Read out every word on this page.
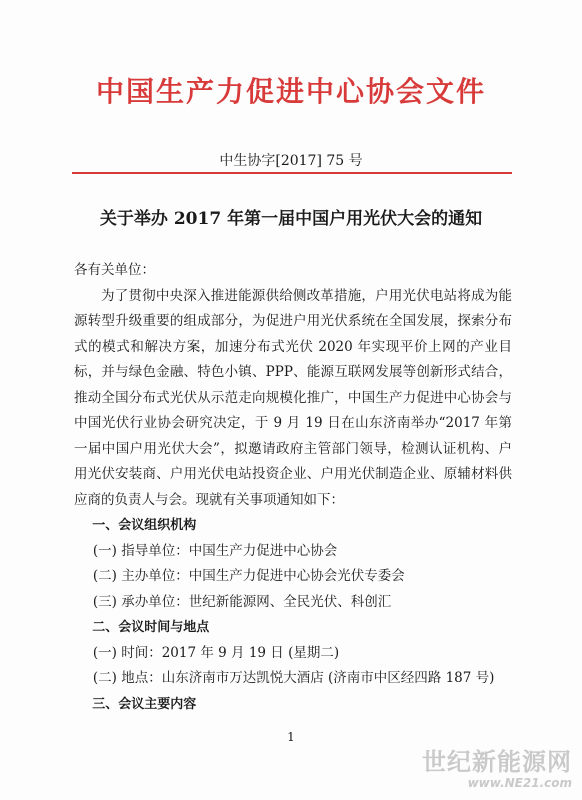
中国生产力促进中心协会文件
中生协字[2017] 75 号
关于举办 2017 年第一届中国户用光伏大会的通知

各有关单位：

为了贯彻中央深入推进能源供给侧改革措施，户用光伏电站将成为能源转型升级重要的组成部分，为促进户用光伏系统在全国发展，探索分布式的模式和解决方案，加速分布式光伏 2020 年实现平价上网的产业目标，并与绿色金融、特色小镇、PPP、能源互联网发展等创新形式结合，推动全国分布式光伏从示范走向规模化推广，中国生产力促进中心协会与中国光伏行业协会研究决定，于 9 月 19 日在山东济南举办“2017 年第一届中国户用光伏大会”，拟邀请政府主管部门领导，检测认证机构、户用光伏安装商、户用光伏电站投资企业、户用光伏制造企业、原辅材料供应商的负责人与会。现就有关事项通知如下：

一、会议组织机构

(一) 指导单位：中国生产力促进中心协会

(二) 主办单位：中国生产力促进中心协会光伏专委会

(三) 承办单位：世纪新能源网、全民光伏、科创汇

二、会议时间与地点

(一) 时间：2017 年 9 月 19 日 (星期二)

(二) 地点：山东济南市万达凯悦大酒店 (济南市中区经四路 187 号)

三、会议主要内容

1
世纪新能源网
www.NE21.com
